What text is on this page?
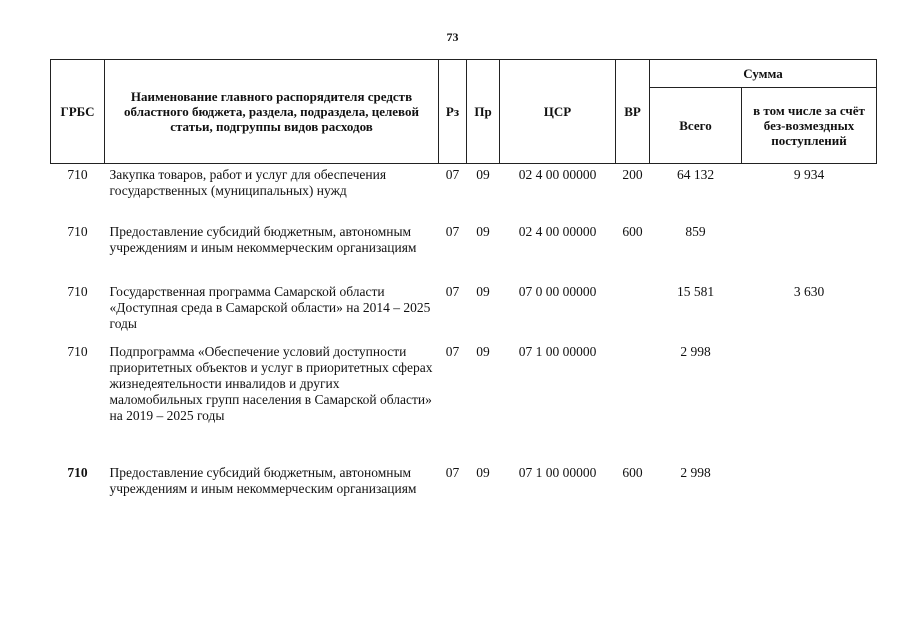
73
ГРБС	Наименование главного распорядителя средств областного бюджета, раздела, подраздела, целевой статьи, подгруппы видов расходов	Рз	Пр	ЦСР	ВР	Сумма	
						Всего	в том числе за счёт без-возмездных поступлений
710	Закупка товаров, работ и услуг для обеспечения государственных (муниципальных) нужд	07	09	02 4 00 00000	200	64 132	9 934
710	Предоставление субсидий бюджетным, автономным учреждениям и иным некоммерческим организациям	07	09	02 4 00 00000	600	859	
710	Государственная программа Самарской области «Доступная среда в Самарской области» на 2014 – 2025 годы	07	09	07 0 00 00000		15 581	3 630
710	Подпрограмма «Обеспечение условий доступности приоритетных объектов и услуг в приоритетных сферах жизнедеятельности инвалидов и других маломобильных групп населения в Самарской области» на 2019 – 2025 годы	07	09	07 1 00 00000		2 998	
710	Предоставление субсидий бюджетным, автономным учреждениям и иным некоммерческим организациям	07	09	07 1 00 00000	600	2 998	
